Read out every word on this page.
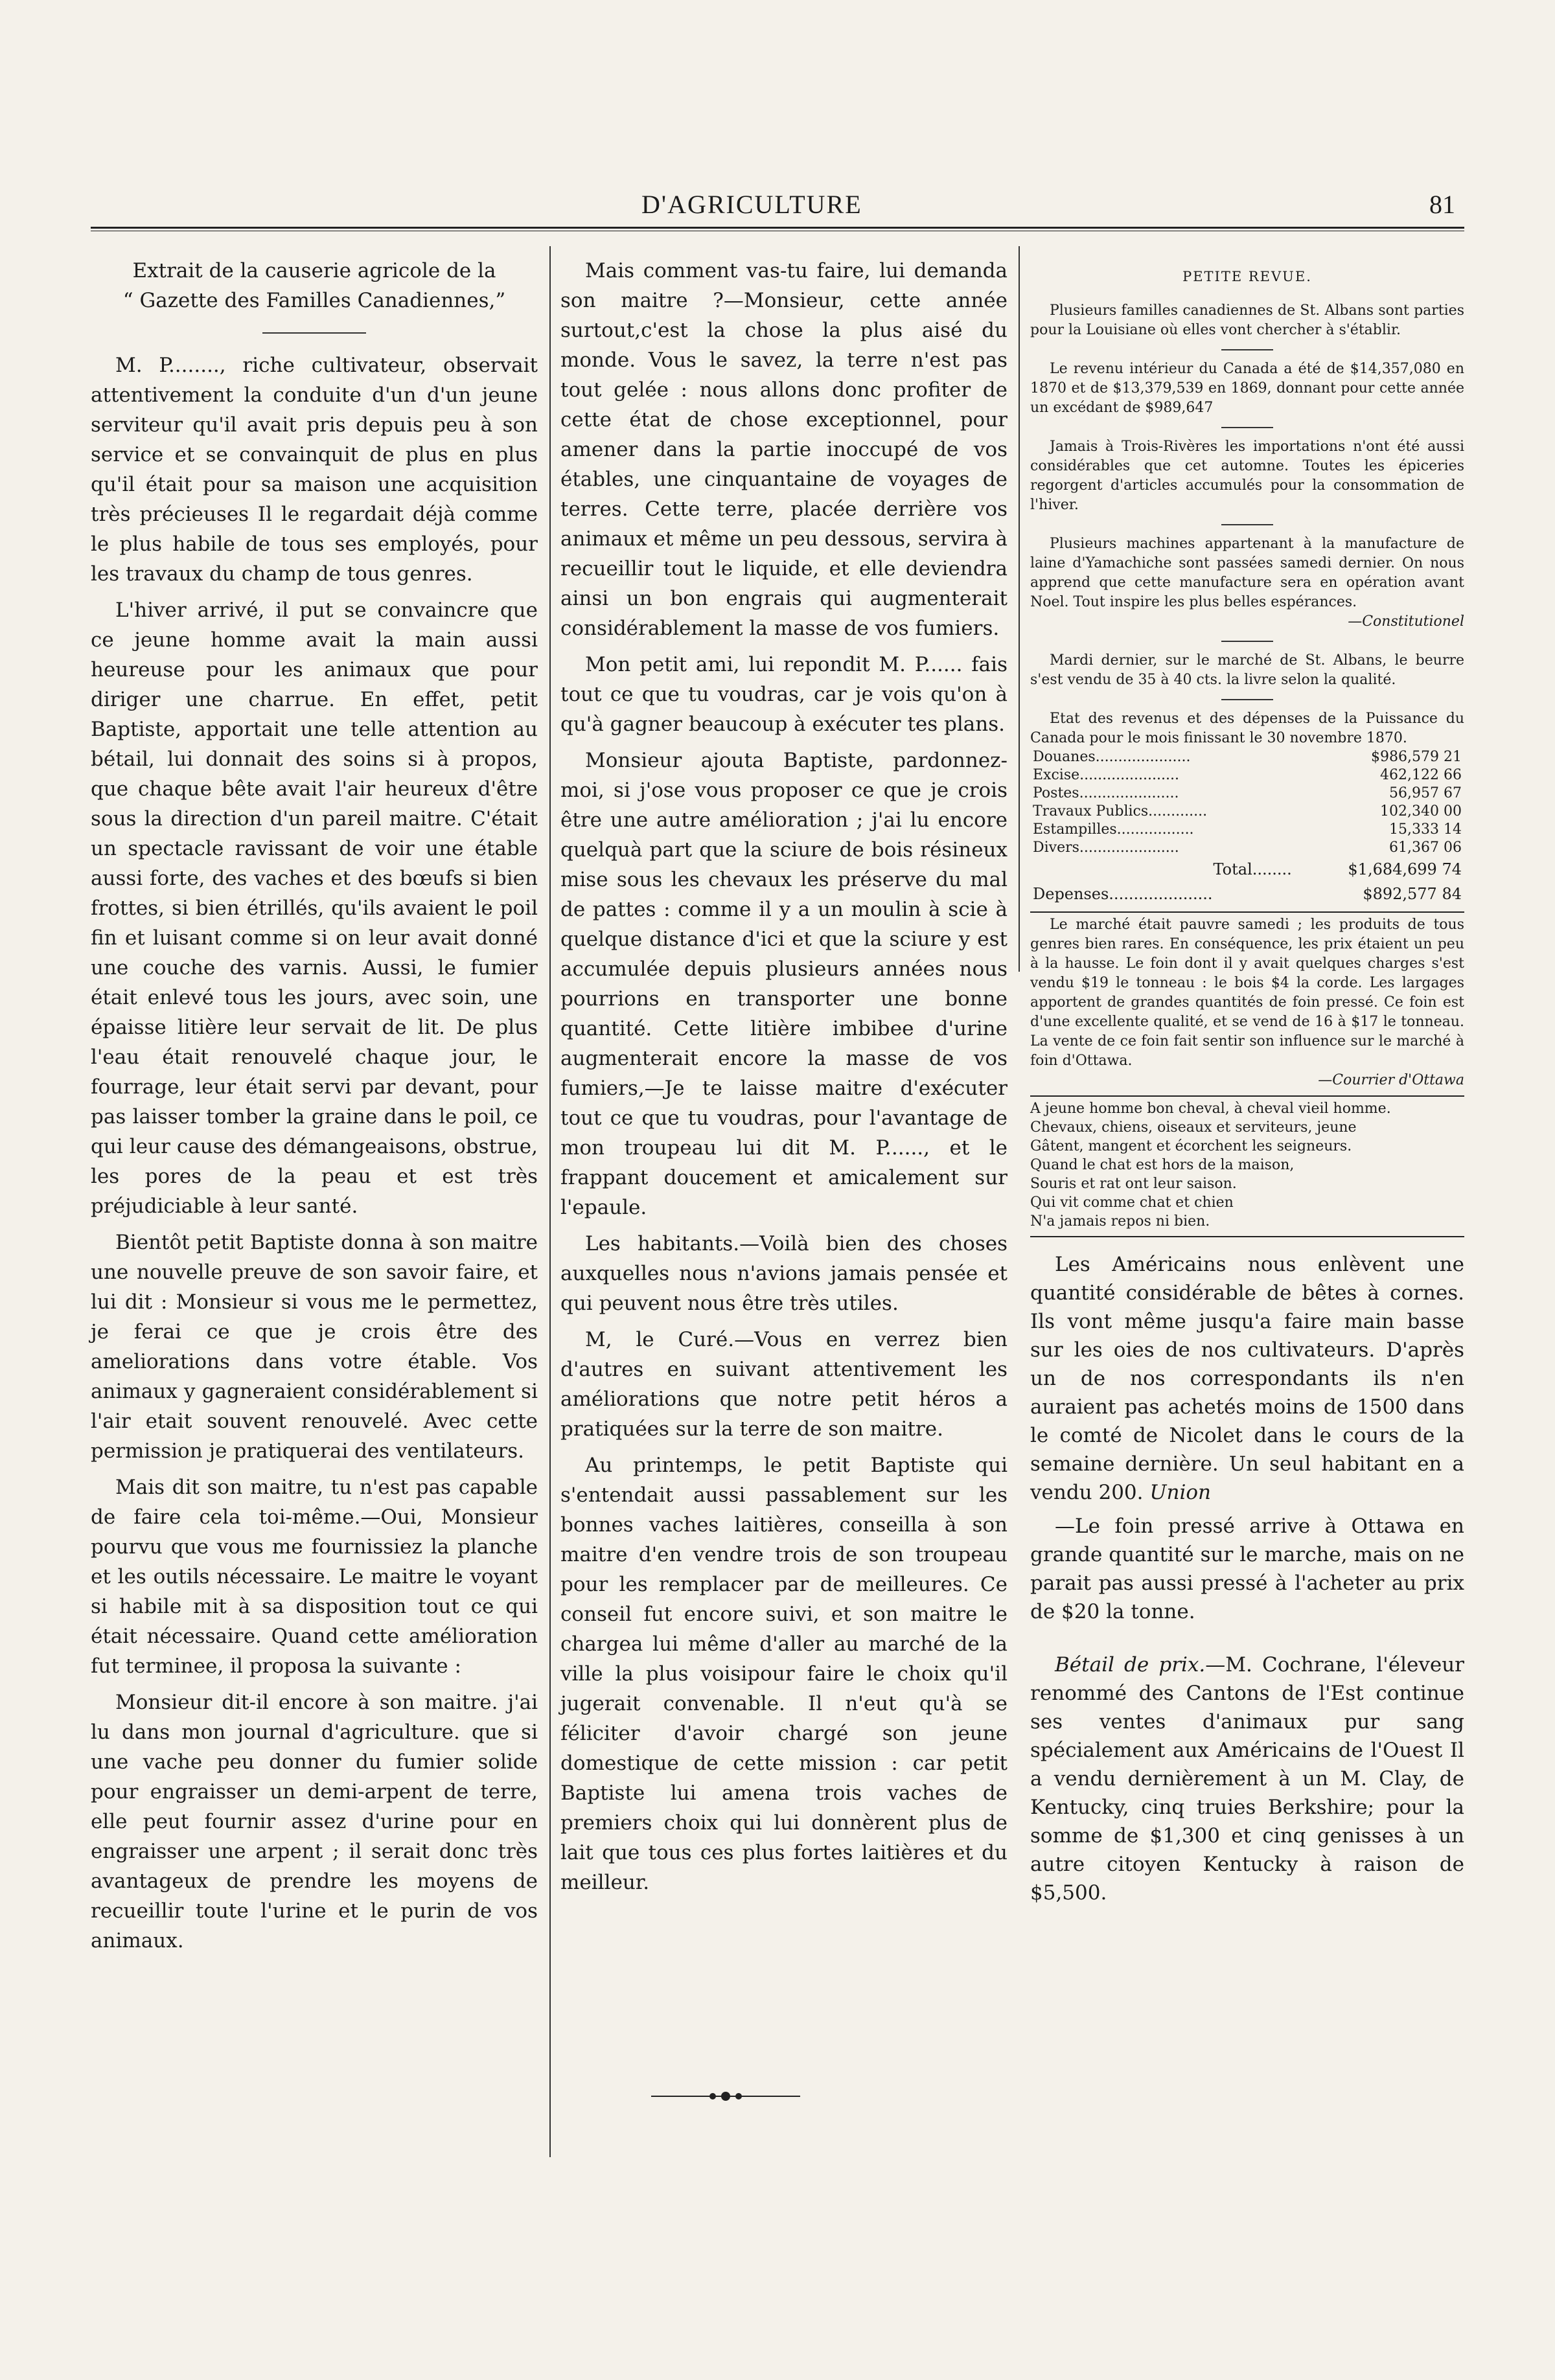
D'AGRICULTURE	81

Extrait de la causerie agricole de la

“ Gazette des Familles Canadiennes,”

M. P........, riche cultivateur, observait attentivement la conduite d'un d'un jeune serviteur qu'il avait pris depuis peu à son service et se convainquit de plus en plus qu'il était pour sa maison une acquisition très précieuses Il le regardait déjà comme le plus habile de tous ses employés, pour les travaux du champ de tous genres.

L'hiver arrivé, il put se convaincre que ce jeune homme avait la main aussi heureuse pour les animaux que pour diriger une charrue. En effet, petit Baptiste, apportait une telle attention au bétail, lui donnait des soins si à propos, que chaque bête avait l'air heureux d'être sous la direction d'un pareil maitre. C'était un spectacle ravissant de voir une étable aussi forte, des vaches et des bœufs si bien frottes, si bien étrillés, qu'ils avaient le poil fin et luisant comme si on leur avait donné une couche des varnis. Aussi, le fumier était enlevé tous les jours, avec soin, une épaisse litière leur servait de lit. De plus l'eau était renouvelé chaque jour, le fourrage, leur était servi par devant, pour pas laisser tomber la graine dans le poil, ce qui leur cause des démangeaisons, obstrue, les pores de la peau et est très préjudiciable à leur santé.

Bientôt petit Baptiste donna à son maitre une nouvelle preuve de son savoir faire, et lui dit : Monsieur si vous me le permettez, je ferai ce que je crois être des ameliorations dans votre étable. Vos animaux y gagneraient considérablement si l'air etait souvent renouvelé. Avec cette permission je pratiquerai des ventilateurs.

Mais dit son maitre, tu n'est pas capable de faire cela toi-même.—Oui, Monsieur pourvu que vous me fournissiez la planche et les outils nécessaire. Le maitre le voyant si habile mit à sa disposition tout ce qui était nécessaire. Quand cette amélioration fut terminee, il proposa la suivante :

Monsieur dit-il encore à son maitre. j'ai lu dans mon journal d'agriculture. que si une vache peu donner du fumier solide pour engraisser un demi-arpent de terre, elle peut fournir assez d'urine pour en engraisser une arpent ; il serait donc très avantageux de prendre les moyens de recueillir toute l'urine et le purin de vos animaux.

Mais comment vas-tu faire, lui demanda son maitre ?—Monsieur, cette année surtout,c'est la chose la plus aisé du monde. Vous le savez, la terre n'est pas tout gelée : nous allons donc profiter de cette état de chose exceptionnel, pour amener dans la partie inoccupé de vos étables, une cinquantaine de voyages de terres. Cette terre, placée derrière vos animaux et même un peu dessous, servira à recueillir tout le liquide, et elle deviendra ainsi un bon engrais qui augmenterait considérablement la masse de vos fumiers.

Mon petit ami, lui repondit M. P...... fais tout ce que tu voudras, car je vois qu'on à qu'à gagner beaucoup à exécuter tes plans.

Monsieur ajouta Baptiste, pardonnez-moi, si j'ose vous proposer ce que je crois être une autre amélioration ; j'ai lu encore quelquà part que la sciure de bois résineux mise sous les chevaux les préserve du mal de pattes : comme il y a un moulin à scie à quelque distance d'ici et que la sciure y est accumulée depuis plusieurs années nous pourrions en transporter une bonne quantité. Cette litière imbibee d'urine augmenterait encore la masse de vos fumiers,—Je te laisse maitre d'exécuter tout ce que tu voudras, pour l'avantage de mon troupeau lui dit M. P......, et le frappant doucement et amicalement sur l'epaule.

Les habitants.—Voilà bien des choses auxquelles nous n'avions jamais pensée et qui peuvent nous être très utiles.

M, le Curé.—Vous en verrez bien d'autres en suivant attentivement les améliorations que notre petit héros a pratiquées sur la terre de son maitre.

Au printemps, le petit Baptiste qui s'entendait aussi passablement sur les bonnes vaches laitières, conseilla à son maitre d'en vendre trois de son troupeau pour les remplacer par de meilleures. Ce conseil fut encore suivi, et son maitre le chargea lui même d'aller au marché de la ville la plus voisipour faire le choix qu'il jugerait convenable. Il n'eut qu'à se féliciter d'avoir chargé son jeune domestique de cette mission : car petit Baptiste lui amena trois vaches de premiers choix qui lui donnèrent plus de lait que tous ces plus fortes laitières et du meilleur.

PETITE REVUE.

Plusieurs familles canadiennes de St. Albans sont parties pour la Louisiane où elles vont chercher à s'établir.

Le revenu intérieur du Canada a été de $14,357,080 en 1870 et de $13,379,539 en 1869, donnant pour cette année un excédant de $989,647

Jamais à Trois-Rivères les importations n'ont été aussi considérables que cet automne. Toutes les épiceries regorgent d'articles accumulés pour la consommation de l'hiver.

Plusieurs machines appartenant à la manufacture de laine d'Yamachiche sont passées samedi dernier. On nous apprend que cette manufacture sera en opération avant Noel. Tout inspire les plus belles espérances.

—Constitutionel

Mardi dernier, sur le marché de St. Albans, le beurre s'est vendu de 35 à 40 cts. la livre selon la qualité.

Etat des revenus et des dépenses de la Puissance du Canada pour le mois finissant le 30 novembre 1870.

Douanes.....................	$986,579 21
Excise......................	462,122 66
Postes......................	56,957 67
Travaux Publics.............	102,340 00
Estampilles.................	15,333 14
Divers......................	61,367 06
Total........	$1,684,699 74
Depenses.....................	$892,577 84

Le marché était pauvre samedi ; les produits de tous genres bien rares. En conséquence, les prix étaient un peu à la hausse. Le foin dont il y avait quelques charges s'est vendu $19 le tonneau : le bois $4 la corde. Les largages apportent de grandes quantités de foin pressé. Ce foin est d'une excellente qualité, et se vend de 16 à $17 le tonneau. La vente de ce foin fait sentir son influence sur le marché à foin d'Ottawa.

—Courrier d'Ottawa

A jeune homme bon cheval, à cheval vieil homme.

Chevaux, chiens, oiseaux et serviteurs, jeune

Gâtent, mangent et écorchent les seigneurs.

Quand le chat est hors de la maison,

Souris et rat ont leur saison.

Qui vit comme chat et chien

N'a jamais repos ni bien.

Les Américains nous enlèvent une quantité considérable de bêtes à cornes. Ils vont même jusqu'a faire main basse sur les oies de nos cultivateurs. D'après un de nos correspondants ils n'en auraient pas achetés moins de 1500 dans le comté de Nicolet dans le cours de la semaine dernière. Un seul habitant en a vendu 200. Union

—Le foin pressé arrive à Ottawa en grande quantité sur le marche, mais on ne parait pas aussi pressé à l'acheter au prix de $20 la tonne.

Bétail de prix.—M. Cochrane, l'éleveur renommé des Cantons de l'Est continue ses ventes d'animaux pur sang spécialement aux Américains de l'Ouest Il a vendu dernièrement à un M. Clay, de Kentucky, cinq truies Berkshire; pour la somme de $1,300 et cinq genisses à un autre citoyen Kentucky à raison de $5,500.
